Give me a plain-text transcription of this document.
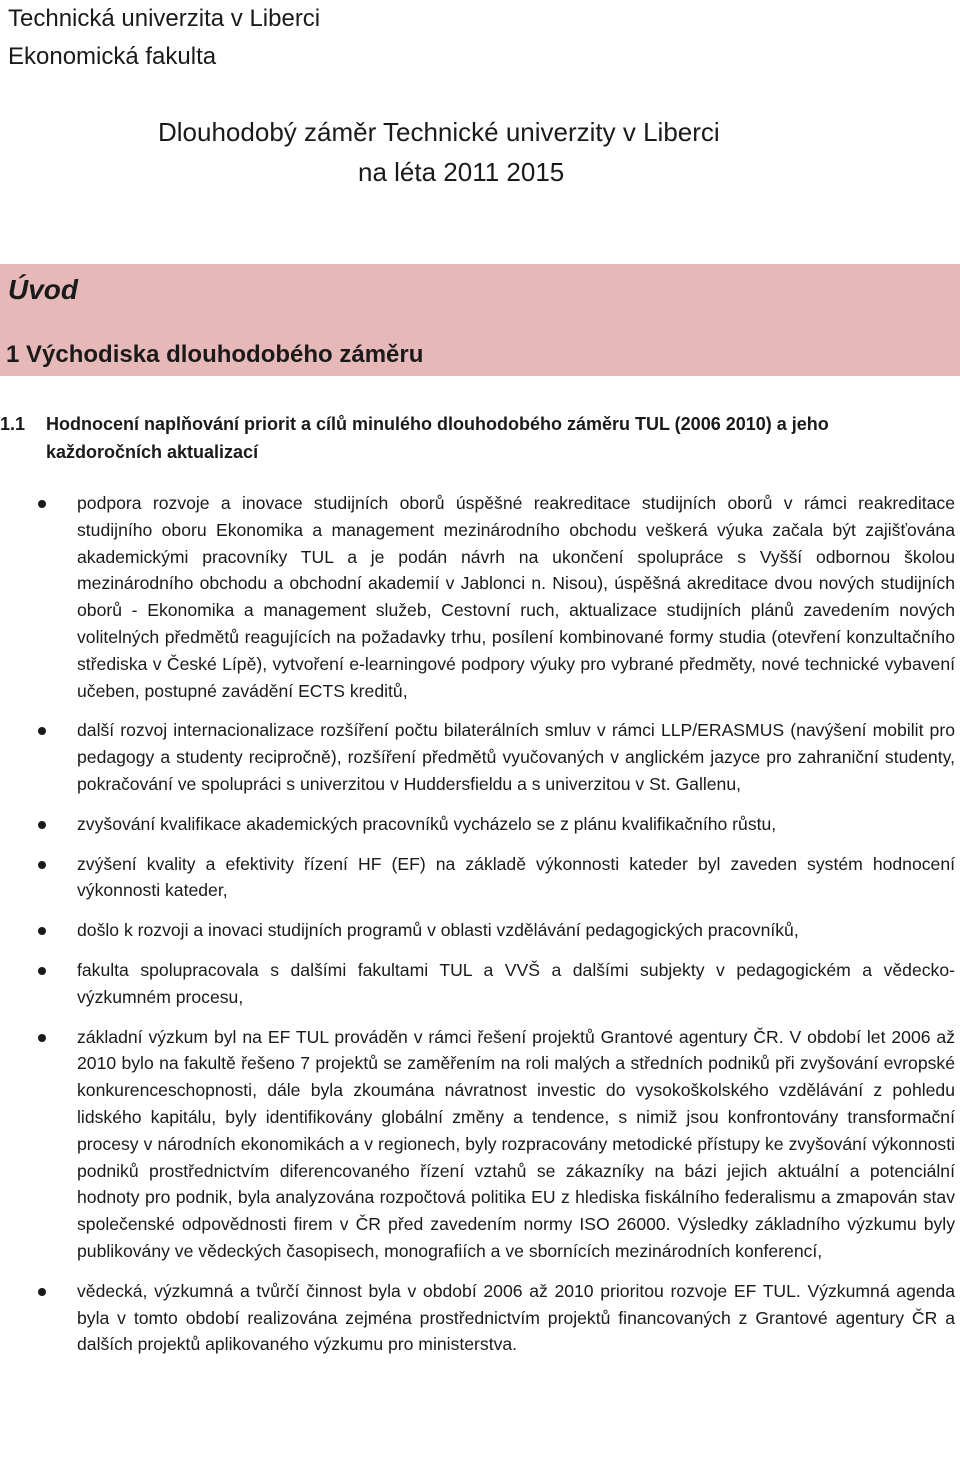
Technická univerzita v Liberci
Ekonomická fakulta
Dlouhodobý záměr Technické univerzity v Liberci
na léta 2011 2015
Úvod
1 Východiska dlouhodobého záměru
1.1	Hodnocení naplňování priorit a cílů minulého dlouhodobého záměru TUL (2006 2010) a jeho každoročních aktualizací
podpora rozvoje a inovace studijních oborů úspěšné reakreditace studijních oborů v rámci reakreditace studijního oboru Ekonomika a management mezinárodního obchodu veškerá výuka začala být zajišťována akademickými pracovníky TUL a je podán návrh na ukončení spolupráce s Vyšší odbornou školou mezinárodního obchodu a obchodní akademií v Jablonci n. Nisou), úspěšná akreditace dvou nových studijních oborů - Ekonomika a management služeb, Cestovní ruch, aktualizace studijních plánů zavedením nových volitelných předmětů reagujících na požadavky trhu, posílení kombinované formy studia (otevření konzultačního střediska v České Lípě), vytvoření e-learningové podpory výuky pro vybrané předměty, nové technické vybavení učeben, postupné zavádění ECTS kreditů,
další rozvoj internacionalizace rozšíření počtu bilaterálních smluv v rámci LLP/ERASMUS (navýšení mobilit pro pedagogy a studenty recipročně), rozšíření předmětů vyučovaných v anglickém jazyce pro zahraniční studenty, pokračování ve spolupráci s univerzitou v Huddersfieldu a s univerzitou v St. Gallenu,
zvyšování kvalifikace akademických pracovníků vycházelo se z plánu kvalifikačního růstu,
zvýšení kvality a efektivity řízení HF (EF) na základě výkonnosti kateder byl zaveden systém hodnocení výkonnosti kateder,
došlo k rozvoji a inovaci studijních programů v oblasti vzdělávání pedagogických pracovníků,
fakulta spolupracovala s dalšími fakultami TUL a VVŠ a dalšími subjekty v pedagogickém a vědecko-výzkumném procesu,
základní výzkum byl na EF TUL prováděn v rámci řešení projektů Grantové agentury ČR. V období let 2006 až 2010 bylo na fakultě řešeno 7 projektů se zaměřením na roli malých a středních podniků při zvyšování evropské konkurenceschopnosti, dále byla zkoumána návratnost investic do vysokoškolského vzdělávání z pohledu lidského kapitálu, byly identifikovány globální změny a tendence, s nimiž jsou konfrontovány transformační procesy v národních ekonomikách a v regionech, byly rozpracovány metodické přístupy ke zvyšování výkonnosti podniků prostřednictvím diferencovaného řízení vztahů se zákazníky na bázi jejich aktuální a potenciální hodnoty pro podnik, byla analyzována rozpočtová politika EU z hlediska fiskálního federalismu a zmapován stav společenské odpovědnosti firem v ČR před zavedením normy ISO 26000. Výsledky základního výzkumu byly publikovány ve vědeckých časopisech, monografiích a ve sbornících mezinárodních konferencí,
vědecká, výzkumná a tvůrčí činnost byla v období 2006 až 2010 prioritou rozvoje EF TUL. Výzkumná agenda byla v tomto období realizována zejména prostřednictvím projektů financovaných z Grantové agentury ČR a dalších projektů aplikovaného výzkumu pro ministerstva.
